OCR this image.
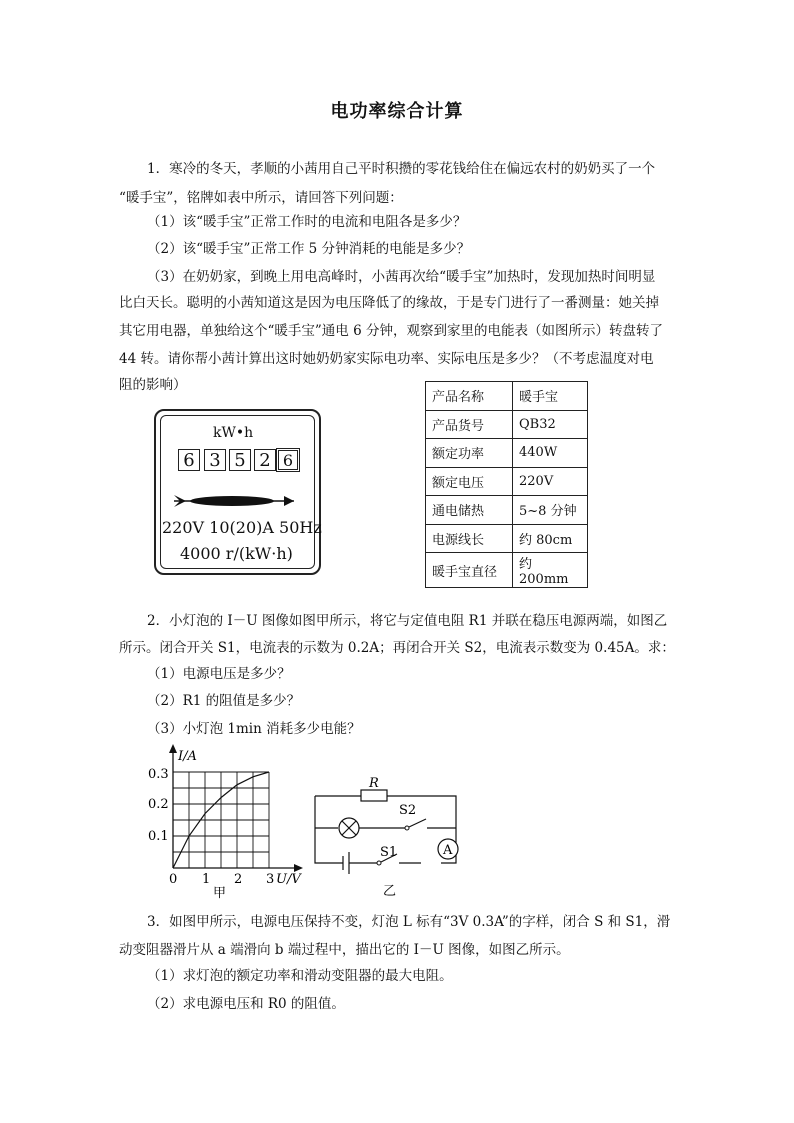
电功率综合计算
1．寒冷的冬天，孝顺的小茜用自己平时积攒的零花钱给住在偏远农村的奶奶买了一个
“暖手宝”，铭牌如表中所示，请回答下列问题：
（1）该“暖手宝”正常工作时的电流和电阻各是多少？
（2）该“暖手宝”正常工作 5 分钟消耗的电能是多少？
（3）在奶奶家，到晚上用电高峰时，小茜再次给“暖手宝”加热时，发现加热时间明显
比白天长。聪明的小茜知道这是因为电压降低了的缘故，于是专门进行了一番测量：她关掉
其它用电器，单独给这个“暖手宝”通电 6 分钟，观察到家里的电能表（如图所示）转盘转了
44 转。请你帮小茜计算出这时她奶奶家实际电功率、实际电压是多少？（不考虑温度对电
阻的影响）
kW•h
6 3 5 2 6
220V 10(20)A 50Hz
4000 r/(kW·h)
产品名称	暖手宝
产品货号	QB32
额定功率	440W
额定电压	220V
通电储热	5~8 分钟
电源线长	约 80cm
暖手宝直径	约 200mm
2．小灯泡的 I－U 图像如图甲所示，将它与定值电阻 R1 并联在稳压电源两端，如图乙
所示。闭合开关 S1，电流表的示数为 0.2A；再闭合开关 S2，电流表示数变为 0.45A。求：
（1）电源电压是多少？
（2）R1 的阻值是多少？
（3）小灯泡 1min 消耗多少电能？
I/A
0.3
0.2
0.1
0 1 2 3 U/V
甲
R
S2
S1	A
乙
3．如图甲所示，电源电压保持不变，灯泡 L 标有“3V 0.3A”的字样，闭合 S 和 S1，滑
动变阻器滑片从 a 端滑向 b 端过程中，描出它的 I－U 图像，如图乙所示。
（1）求灯泡的额定功率和滑动变阻器的最大电阻。
（2）求电源电压和 R0 的阻值。
